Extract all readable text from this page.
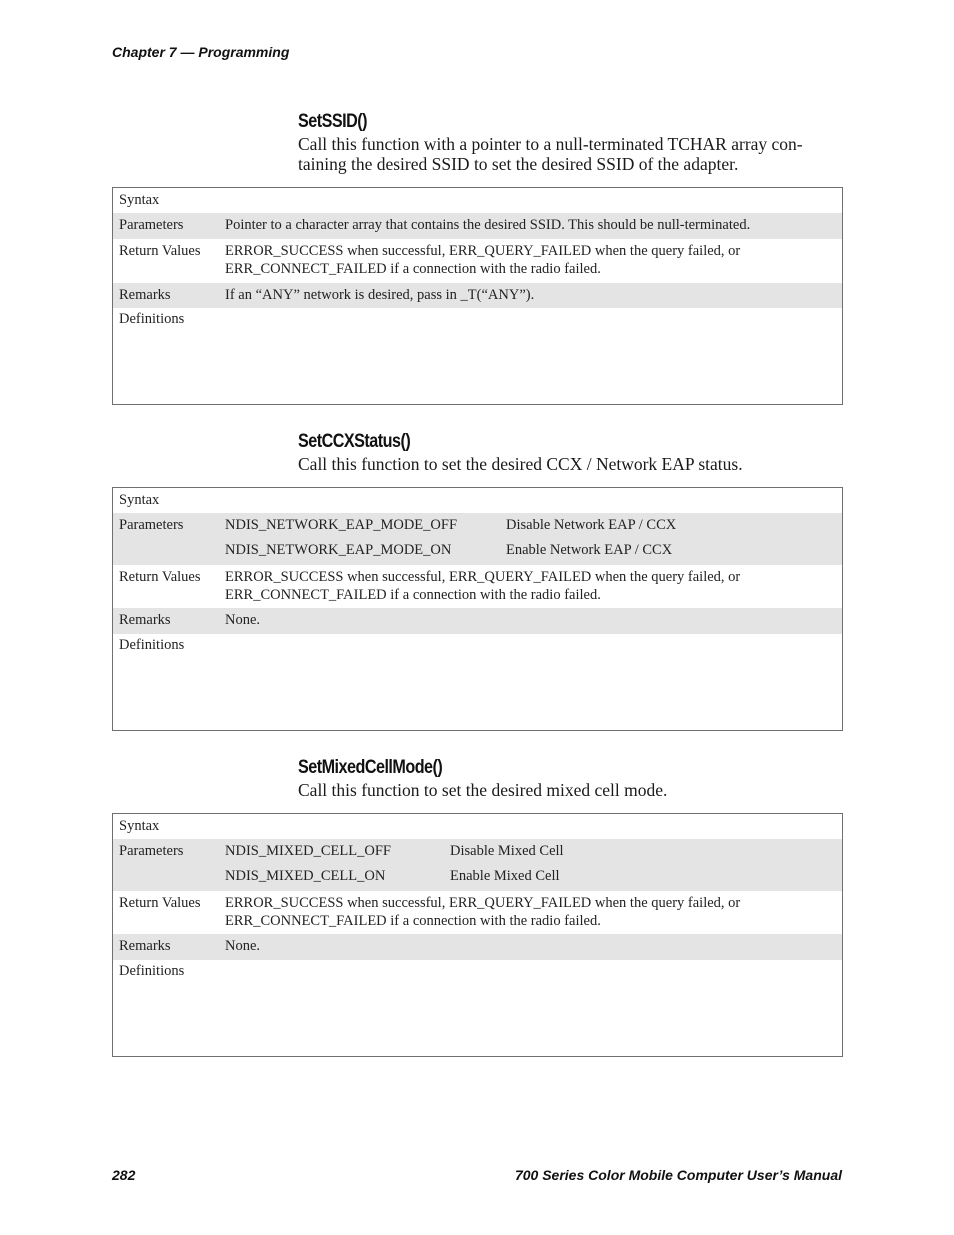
Chapter 7 — Programming
SetSSID()
Call this function with a pointer to a null-terminated TCHAR array con-
taining the desired SSID to set the desired SSID of the adapter.
Syntax
Parameters	Pointer to a character array that contains the desired SSID. This should be null-terminated.
Return Values	ERROR_SUCCESS when successful, ERR_QUERY_FAILED when the query failed, or
ERR_CONNECT_FAILED if a connection with the radio failed.
Remarks	If an “ANY” network is desired, pass in _T(“ANY”).
Definitions
SetCCXStatus()
Call this function to set the desired CCX / Network EAP status.
Syntax
Parameters	NDIS_NETWORK_EAP_MODE_OFF	Disable Network EAP / CCX
NDIS_NETWORK_EAP_MODE_ON	Enable Network EAP / CCX
Return Values	ERROR_SUCCESS when successful, ERR_QUERY_FAILED when the query failed, or
ERR_CONNECT_FAILED if a connection with the radio failed.
Remarks	None.
Definitions
SetMixedCellMode()
Call this function to set the desired mixed cell mode.
Syntax
Parameters	NDIS_MIXED_CELL_OFF	Disable Mixed Cell
NDIS_MIXED_CELL_ON	Enable Mixed Cell
Return Values	ERROR_SUCCESS when successful, ERR_QUERY_FAILED when the query failed, or
ERR_CONNECT_FAILED if a connection with the radio failed.
Remarks	None.
Definitions
282	700 Series Color Mobile Computer User’s Manual
